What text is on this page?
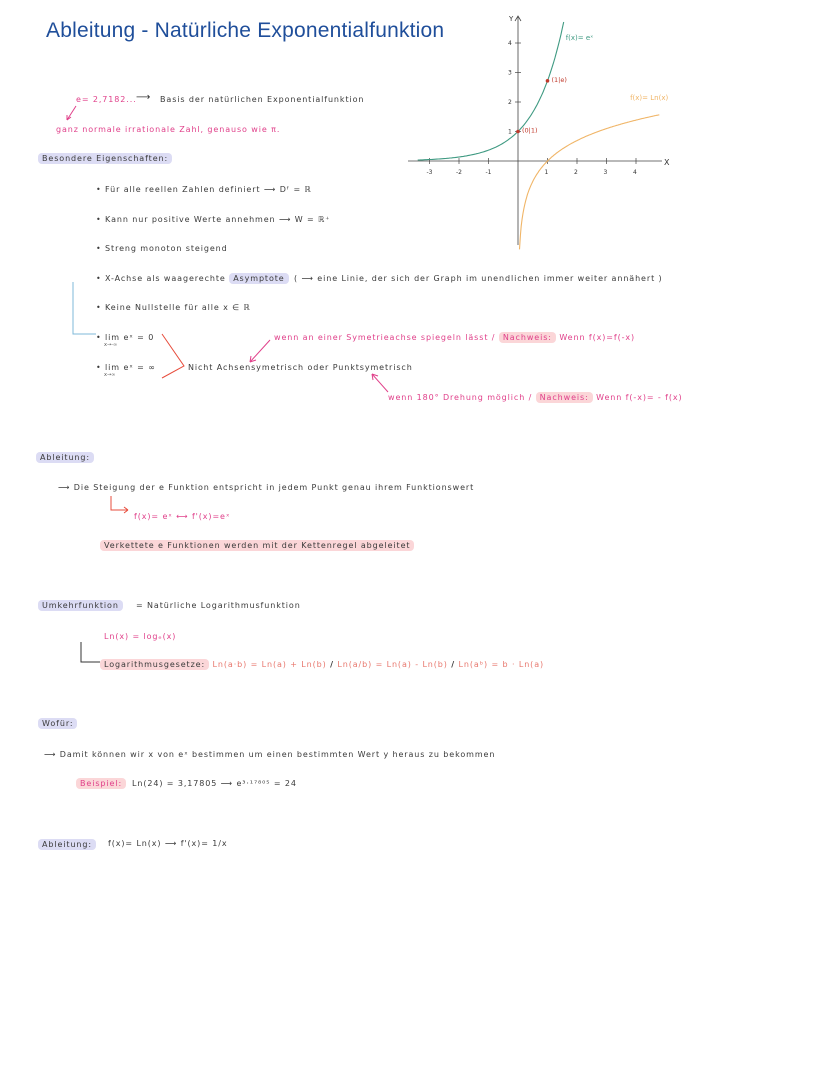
Ableitung - Natürliche Exponentialfunktion
e= 2,7182... ⟶ Basis der natürlichen Exponentialfunktion
ganz normale irrationale Zahl, genauso wie π.
Besondere Eigenschaften:
• Für alle reellen Zahlen definiert ⟶ Dᶠ = ℝ
• Kann nur positive Werte annehmen ⟶ W = ℝ⁺
• Streng monoton steigend
• X-Achse als waagerechte Asymptote	( ⟶ eine Linie, der sich der Graph im unendlichen immer weiter annähert )
• Keine Nullstelle für alle x ∈ ℝ
• lim eˣ = 0
x→-∞
• lim eˣ = ∞
x→∞
Nicht Achsensymetrisch oder Punktsymetrisch
wenn an einer Symetrieachse spiegeln lässt / Nachweis: Wenn f(x)=f(-x)
wenn 180° Drehung möglich / Nachweis: Wenn f(-x)= - f(x)
Ableitung:
⟶ Die Steigung der e Funktion entspricht in jedem Punkt genau ihrem Funktionswert
f(x)= eˣ ⟷ f'(x)=eˣ
Verkettete e Funktionen werden mit der Kettenregel abgeleitet
Umkehrfunktion	= Natürliche Logarithmusfunktion
Ln(x) = logₑ(x)
Logarithmusgesetze: Ln(a·b) = Ln(a) + Ln(b) / Ln(a/b) = Ln(a) - Ln(b) / Ln(aᵇ) = b · Ln(a)
Wofür:
⟶ Damit können wir x von eˣ bestimmen um einen bestimmten Wert y heraus zu bekommen
Beispiel:	Ln(24) = 3,17805 ⟶ e³·¹⁷⁸⁰⁵ = 24
Ableitung:	f(x)= Ln(x) ⟶ f'(x)= 1/x
X
Y
-3	-2	-1	1	2	3	4
1
2
3
4
f(x)= eˣ
f(x)= Ln(x)
(0|1)
(1|e)
